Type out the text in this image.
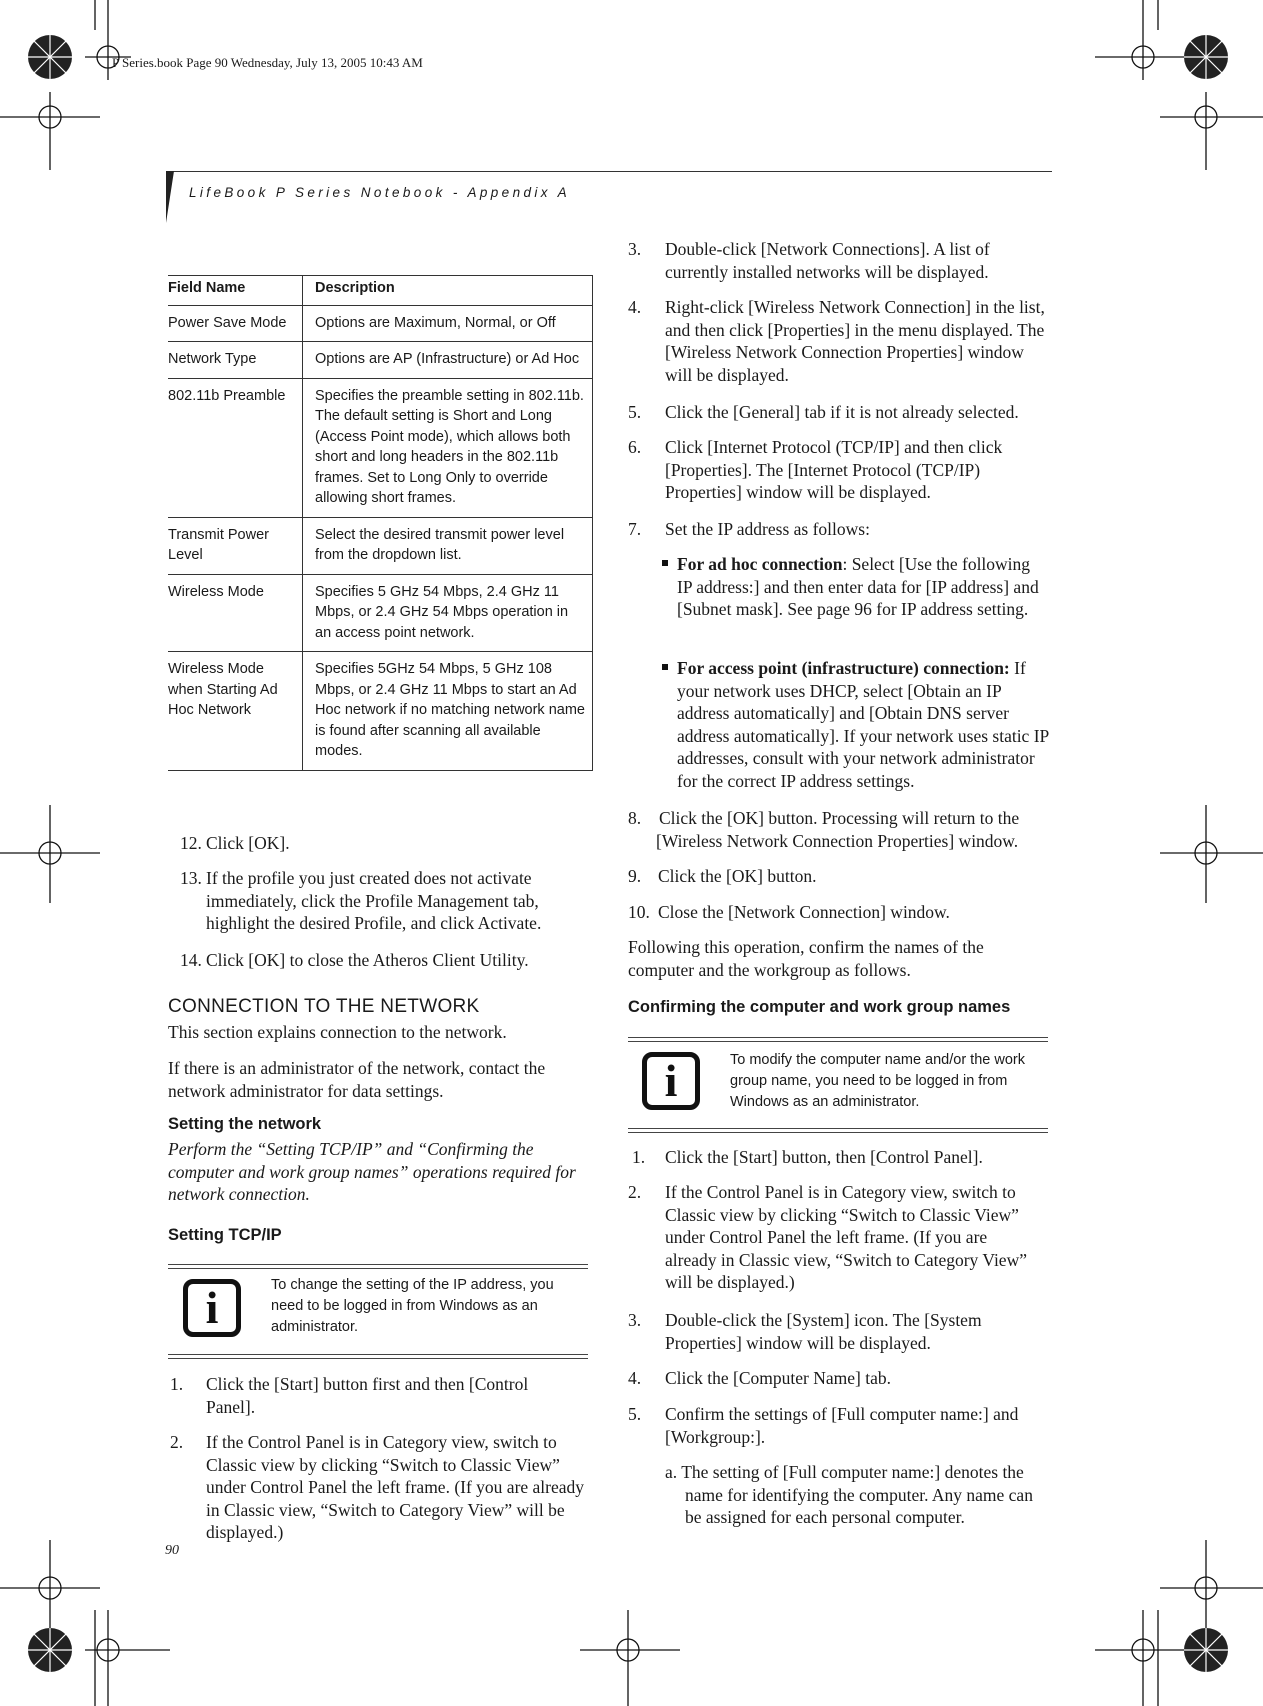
P Series.book Page 90 Wednesday, July 13, 2005 10:43 AM
LifeBook P Series Notebook - Appendix A
Field Name	Description
Power Save Mode	Options are Maximum, Normal, or Off
Network Type	Options are AP (Infrastructure) or Ad Hoc
802.11b Preamble	Specifies the preamble setting in 802.11b. The default setting is Short and Long (Access Point mode), which allows both short and long headers in the 802.11b frames. Set to Long Only to override allowing short frames.
Transmit Power Level	Select the desired transmit power level from the dropdown list.
Wireless Mode	Specifies 5 GHz 54 Mbps, 2.4 GHz 11 Mbps, or 2.4 GHz 54 Mbps operation in an access point network.
Wireless Mode when Starting Ad Hoc Network	Specifies 5GHz 54 Mbps, 5 GHz 108 Mbps, or 2.4 GHz 11 Mbps to start an Ad Hoc network if no matching network name is found after scanning all available modes.
12. Click [OK].
13. If the profile you just created does not activate immediately, click the Profile Management tab, highlight the desired Profile, and click Activate.
14. Click [OK] to close the Atheros Client Utility.
CONNECTION TO THE NETWORK
This section explains connection to the network.
If there is an administrator of the network, contact the network administrator for data settings.
Setting the network
Perform the “Setting TCP/IP” and “Confirming the computer and work group names” operations required for network connection.
Setting TCP/IP
i	To change the setting of the IP address, you need to be logged in from Windows as an administrator.
1. Click the [Start] button first and then [Control Panel].
2. If the Control Panel is in Category view, switch to Classic view by clicking “Switch to Classic View” under Control Panel the left frame. (If you are already in Classic view, “Switch to Category View” will be displayed.)
90
3. Double-click [Network Connections]. A list of currently installed networks will be displayed.
4. Right-click [Wireless Network Connection] in the list, and then click [Properties] in the menu displayed. The [Wireless Network Connection Properties] window will be displayed.
5. Click the [General] tab if it is not already selected.
6. Click [Internet Protocol (TCP/IP] and then click [Properties]. The [Internet Protocol (TCP/IP) Properties] window will be displayed.
7. Set the IP address as follows:
For ad hoc connection: Select [Use the following IP address:] and then enter data for [IP address] and [Subnet mask]. See page 96 for IP address setting.
For access point (infrastructure) connection: If your network uses DHCP, select [Obtain an IP address automatically] and [Obtain DNS server address automatically]. If your network uses static IP addresses, consult with your network administrator for the correct IP address settings.
8. Click the [OK] button. Processing will return to the [Wireless Network Connection Properties] window.
9. Click the [OK] button.
10. Close the [Network Connection] window.
Following this operation, confirm the names of the computer and the workgroup as follows.
Confirming the computer and work group names
i	To modify the computer name and/or the work group name, you need to be logged in from Windows as an administrator.
1. Click the [Start] button, then [Control Panel].
2. If the Control Panel is in Category view, switch to Classic view by clicking “Switch to Classic View” under Control Panel the left frame. (If you are already in Classic view, “Switch to Category View” will be displayed.)
3. Double-click the [System] icon. The [System Properties] window will be displayed.
4. Click the [Computer Name] tab.
5. Confirm the settings of [Full computer name:] and [Workgroup:].
a. The setting of [Full computer name:] denotes the name for identifying the computer. Any name can be assigned for each personal computer.
